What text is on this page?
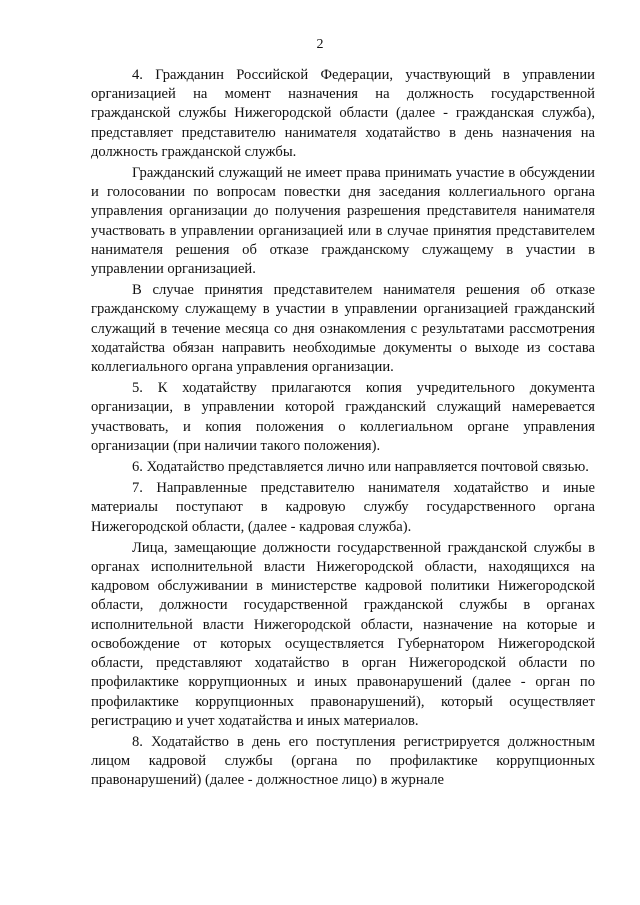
2

4. Гражданин Российской Федерации, участвующий в управлении организацией на момент назначения на должность государственной гражданской службы Нижегородской области (далее - гражданская служба), представляет представителю нанимателя ходатайство в день назначения на должность гражданской службы.

Гражданский служащий не имеет права принимать участие в обсуждении и голосовании по вопросам повестки дня заседания коллегиального органа управления организации до получения разрешения представителя нанимателя участвовать в управлении организацией или в случае принятия представителем нанимателя решения об отказе гражданскому служащему в участии в управлении организацией.

В случае принятия представителем нанимателя решения об отказе гражданскому служащему в участии в управлении организацией гражданский служащий в течение месяца со дня ознакомления с результатами рассмотрения ходатайства обязан направить необходимые документы о выходе из состава коллегиального органа управления организации.

5. К ходатайству прилагаются копия учредительного документа организации, в управлении которой гражданский служащий намеревается участвовать, и копия положения о коллегиальном органе управления организации (при наличии такого положения).

6. Ходатайство представляется лично или направляется почтовой связью.

7. Направленные представителю нанимателя ходатайство и иные материалы поступают в кадровую службу государственного органа Нижегородской области, (далее - кадровая служба).

Лица, замещающие должности государственной гражданской службы в органах исполнительной власти Нижегородской области, находящихся на кадровом обслуживании в министерстве кадровой политики Нижегородской области, должности государственной гражданской службы в органах исполнительной власти Нижегородской области, назначение на которые и освобождение от которых осуществляется Губернатором Нижегородской области, представляют ходатайство в орган Нижегородской области по профилактике коррупционных и иных правонарушений (далее - орган по профилактике коррупционных правонарушений), который осуществляет регистрацию и учет ходатайства и иных материалов.

8. Ходатайство в день его поступления регистрируется должностным лицом кадровой службы (органа по профилактике коррупционных правонарушений) (далее - должностное лицо) в журнале
